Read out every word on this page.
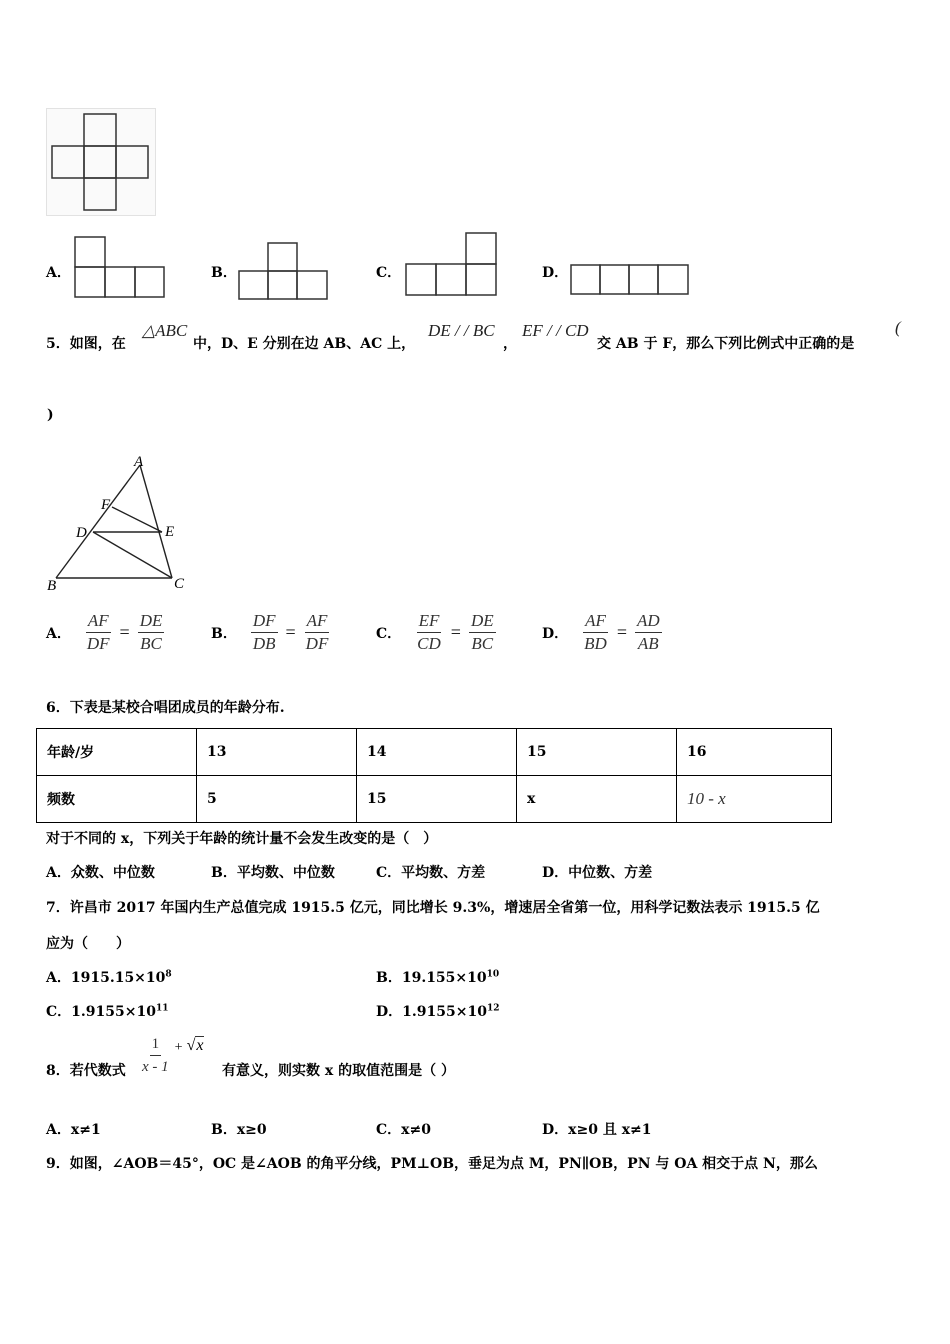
A．	B．	C．	D．
5．如图，在
△ABC
中，D、E 分别在边 AB、AC 上，
DE / / BC
，
EF / / CD
交 AB 于 F，那么下列比例式中正确的是
(
)
A
F
D	E
B	C
A． $\frac{AF}{DF} = \frac{DE}{BC}$	B． $\frac{DF}{DB} = \frac{AF}{DF}$	C． $\frac{EF}{CD} = \frac{DE}{BC}$	D． $\frac{AF}{BD} = \frac{AD}{AB}$
6．下表是某校合唱团成员的年龄分布.
年龄/岁	13	14	15	16
频数	5	15	x	10 - x
对于不同的 x，下列关于年龄的统计量不会发生改变的是（　）
A．众数、中位数	B．平均数、中位数	C．平均数、方差	D．中位数、方差
7．许昌市 2017 年国内生产总值完成 1915.5 亿元，同比增长 9.3%，增速居全省第一位，用科学记数法表示 1915.5 亿
应为（　　）
A．$1915.15\times 10^8$	B．$19.155\times 10^{10}$
C．$1.9155\times 10^{11}$	D．$1.9155\times 10^{12}$
8．若代数式 $\frac{1}{x - 1} + √x$
有意义，则实数 x 的取值范围是（ ）
A．x≠1	B．x≥0	C．x≠0	D．x≥0 且 x≠1
9．如图，∠AOB＝45°，OC 是∠AOB 的角平分线，PM⊥OB，垂足为点 M，PN∥OB，PN 与 OA 相交于点 N，那么
